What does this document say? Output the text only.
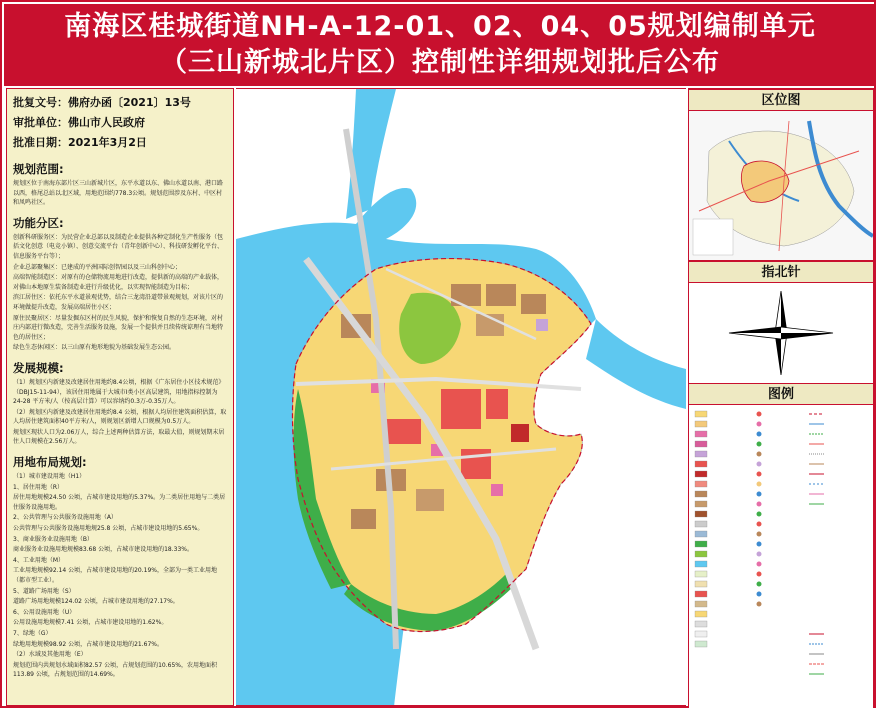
南海区桂城街道NH-A-12-01、02、04、05规划编制单元
（三山新城北片区）控制性详细规划批后公布
批复文号：佛府办函〔2021〕13号
审批单位：佛山市人民政府
批准日期：2021年3月2日
规划范围:

规划区位于南海东部片区三山新城片区，东平水道以东、佛山水道以南、港口路以西，格尾总站以北区域，用地范围约778.3公顷。规划范围涉及东村、中区村和凤鸣社区。

功能分区:

创新科研服务区：为民营企业总部以及制造企业提供各种定制化生产性服务（包括文化创意（电竞小镇）、创意交流平台（青年创新中心）、科技研发孵化平台、信息服务平台等）；

企业总部聚集区：已建成的平洲国际创智园以及三山科创中心；

高端智能制造区：对原有的仓储物流用地进行改造，提供新的高端的产业载体，对佛山本地原生装备制造业进行升级优化，以实现智能制造为目标；

滨江居住区：依托东平水道景观优势，结合三龙湾沿道带景观规划，对该片区的环境做提升改造，发展高端居住小区；

原住民聚居区：尽量发掘东区村的民生风貌，保护和恢复自然的生态环境，对村庄内部进行微改造，完善生活服务设施，发展一个提供并且续传统谅理有当地特色的居住区；

绿色生态休闲区：以三山原有地形地貌为基础发展生态公园。

发展规模:

（1）规划区内新建及改建居住用地约8.4公顷，根据《广东居住小区技术规范》（DBJ15-11-94），该居住用地属于大城市Ⅰ类小区高层建筑，用地指标控制为24-28 平方米/人（按高层计算）可以容纳约0.3万-0.35万人。

（2）规划区内新建及改建居住用地约8.4 公顷，根据人均居住建筑面积估算，取人均居住建筑面积40平方米/人，则规划区新增人口规模为0.5万人。

规划区现状人口为2.06万人，综合上述两种估算方法，取最大值，则规划期末居住人口规模在2.56万人。

用地布局规划:

（1）城市建设用地（H1）

1、居住用地（R）

居住用地规模24.50 公顷，占城市建设用地的5.37%。为二类居住用地与二类居住服务设施用地。

2、公共管理与公共服务设施用地（A）

公共管理与公共服务设施用地规25.8 公顷，占城市建设用地的5.65%。

3、商业服务业设施用地（B）

商业服务业设施用地规模83.68 公顷，占城市建设用地的18.33%。

4、工业用地（M）

工业用地规模92.14 公顷，占城市建设用地的20.19%，全部为一类工业用地（都市型工业）。

5、道路广场用地（S）

道路广场用地规模124.02 公顷，占城市建设用地的27.17%。

6、公用设施用地（U）

公用设施用地规模7.41 公顷，占城市建设用地的1.62%。

7、绿地（G）

绿地用地规模98.92 公顷，占城市建设用地的21.67%。

（2）水域及其他用地（E）

规划范围内共规划水域面积82.57 公顷，占规划范围的10.65%，农用地面积113.89 公顷，占规划范围的14.69%。

区位图
指北针
图例
